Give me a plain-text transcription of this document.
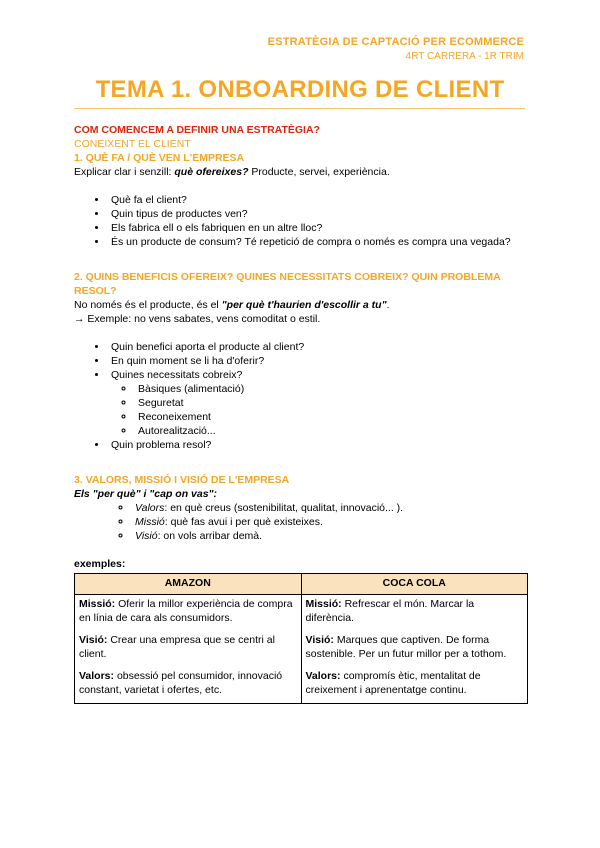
ESTRATÈGIA DE CAPTACIÓ PER ECOMMERCE
4RT CARRERA - 1R TRIM
TEMA 1. ONBOARDING DE CLIENT

COM COMENCEM A DEFINIR UNA ESTRATÈGIA?

CONEIXENT EL CLIENT

1. QUÈ FA / QUÈ VEN L'EMPRESA

Explicar clar i senzill: què ofereixes? Producte, servei, experiència.

• Què fa el client?
• Quin tipus de productes ven?
• Els fabrica ell o els fabriquen en un altre lloc?
• És un producte de consum? Té repetició de compra o només es compra una vegada?

2. QUINS BENEFICIS OFEREIX? QUINES NECESSITATS COBREIX? QUIN PROBLEMA RESOL?

No només és el producte, és el "per què t'haurien d'escollir a tu".

→ Exemple: no vens sabates, vens comoditat o estil.

• Quin benefici aporta el producte al client?
• En quin moment se li ha d'oferir?
• Quines necessitats cobreix?
◦ Bàsiques (alimentació)
◦ Seguretat
◦ Reconeixement
◦ Autorealització...
• Quin problema resol?

3. VALORS, MISSIÓ I VISIÓ DE L'EMPRESA

Els "per què" i "cap on vas":

◦ Valors: en què creus (sostenibilitat, qualitat, innovació... ).
◦ Missió: què fas avui i per què existeixes.
◦ Visió: on vols arribar demà.

exemples:

AMAZON	COCA COLA
Missió: Oferir la millor experiència de compra en línia de cara als consumidors.	Missió: Refrescar el món. Marcar la diferència.
Visió: Crear una empresa que se centri al client.	Visió: Marques que captiven. De forma sostenible. Per un futur millor per a tothom.
Valors: obsessió pel consumidor, innovació constant, varietat i ofertes, etc.	Valors: compromís ètic, mentalitat de creixement i aprenentatge continu.
